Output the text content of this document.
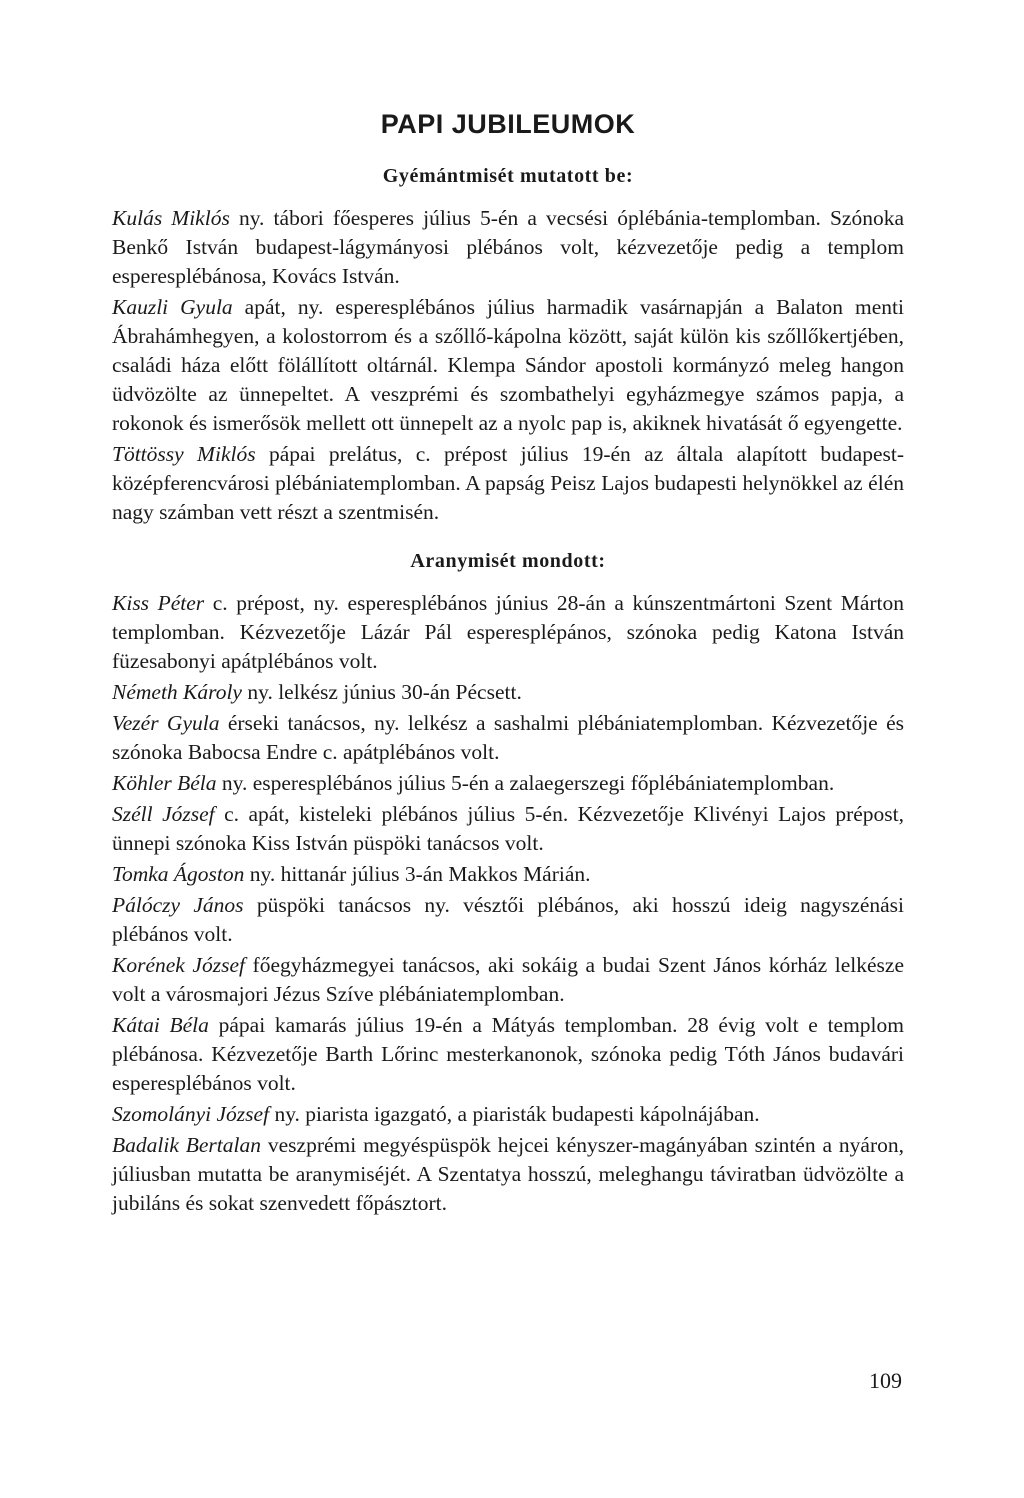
PAPI JUBILEUMOK
Gyémántmisét mutatott be:

Kulás Miklós ny. tábori főesperes július 5-én a vecsési óplébánia-templomban. Szónoka Benkő István budapest-lágymányosi plébános volt, kézvezetője pedig a templom esperesplébánosa, Kovács István.

Kauzli Gyula apát, ny. esperesplébános július harmadik vasárnapján a Balaton menti Ábrahámhegyen, a kolostorrom és a szőllő-kápolna között, saját külön kis szőllőkertjében, családi háza előtt fölállított oltárnál. Klempa Sándor apostoli kormányzó meleg hangon üdvözölte az ünnepeltet. A veszprémi és szombathelyi egyházmegye számos papja, a rokonok és ismerősök mellett ott ünnepelt az a nyolc pap is, akiknek hivatását ő egyengette.

Töttössy Miklós pápai prelátus, c. prépost július 19-én az általa alapított budapest-középferencvárosi plébániatemplomban. A papság Peisz Lajos budapesti helynökkel az élén nagy számban vett részt a szentmisén.

Aranymisét mondott:

Kiss Péter c. prépost, ny. esperesplébános június 28-án a kúnszentmártoni Szent Márton templomban. Kézvezetője Lázár Pál esperesplépános, szónoka pedig Katona István füzesabonyi apátplébános volt.

Németh Károly ny. lelkész június 30-án Pécsett.

Vezér Gyula érseki tanácsos, ny. lelkész a sashalmi plébániatemplomban. Kézvezetője és szónoka Babocsa Endre c. apátplébános volt.

Köhler Béla ny. esperesplébános július 5-én a zalaegerszegi főplébániatemplomban.

Széll József c. apát, kisteleki plébános július 5-én. Kézvezetője Klivényi Lajos prépost, ünnepi szónoka Kiss István püspöki tanácsos volt.

Tomka Ágoston ny. hittanár július 3-án Makkos Márián.

Pálóczy János püspöki tanácsos ny. vésztői plébános, aki hosszú ideig nagyszénási plébános volt.

Korének József főegyházmegyei tanácsos, aki sokáig a budai Szent János kórház lelkésze volt a városmajori Jézus Szíve plébániatemplomban.

Kátai Béla pápai kamarás július 19-én a Mátyás templomban. 28 évig volt e templom plébánosa. Kézvezetője Barth Lőrinc mesterkanonok, szónoka pedig Tóth János budavári esperesplébános volt.

Szomolányi József ny. piarista igazgató, a piaristák budapesti kápolnájában.

Badalik Bertalan veszprémi megyéspüspök hejcei kényszer-magányában szintén a nyáron, júliusban mutatta be aranymiséjét. A Szentatya hosszú, meleghangu táviratban üdvözölte a jubiláns és sokat szenvedett főpásztort.

109
